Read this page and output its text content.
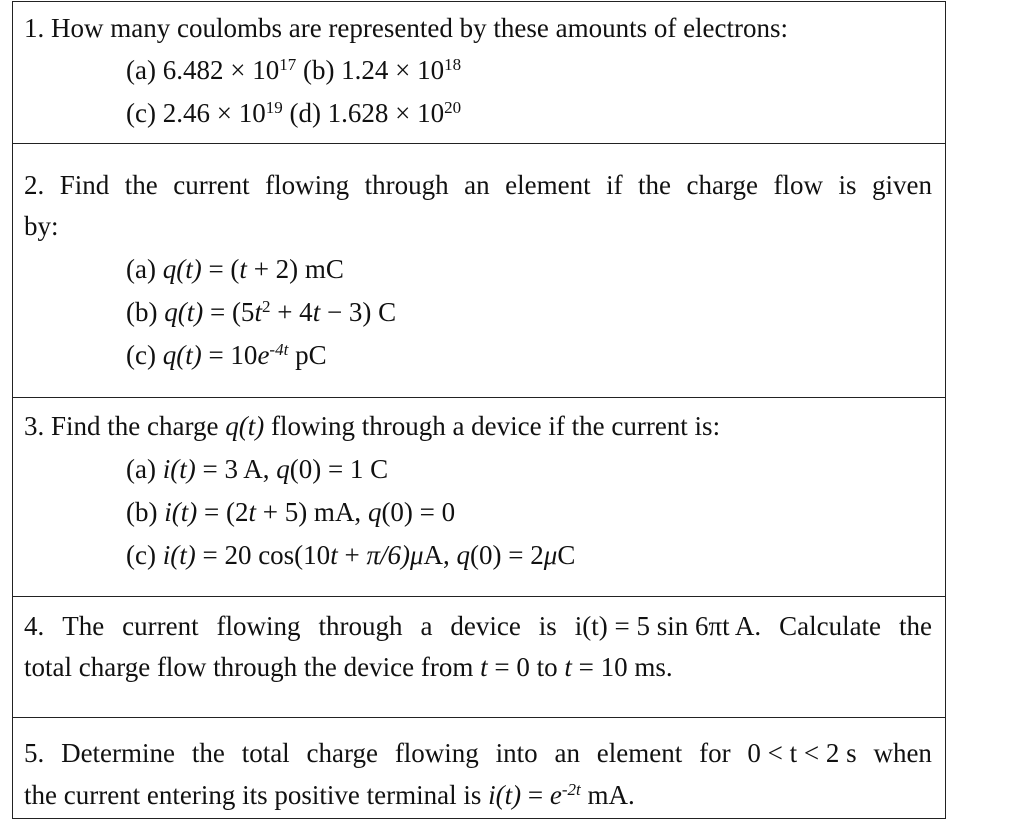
1. How many coulombs are represented by these amounts of electrons:
(a) $6.482 \times 10^{17}$ (b) $1.24 \times 10^{18}$
(c) $2.46 \times 10^{19}$ (d) $1.628 \times 10^{20}$
2. Find the current flowing through an element if the charge flow is given
by:
(a) q(t) = (t + 2) mC
(b) $q(t) = (5t^2 + 4t - 3)$ C
(c) $q(t) = 10e^{-4t}$ pC
3. Find the charge q(t) flowing through a device if the current is:
(a) i(t) = 3 A, q(0) = 1 C
(b) i(t) = (2t + 5) mA, q(0) = 0
(c) i(t) = 20 cos(10t + π/6)μA, q(0) = 2μC
4. The current flowing through a device is i(t) = 5 sin 6πt A. Calculate the
total charge flow through the device from t = 0 to t = 10 ms.
5. Determine the total charge flowing into an element for 0 < t < 2 s when
the current entering its positive terminal is $i(t) = e^{-2t}$ mA.
